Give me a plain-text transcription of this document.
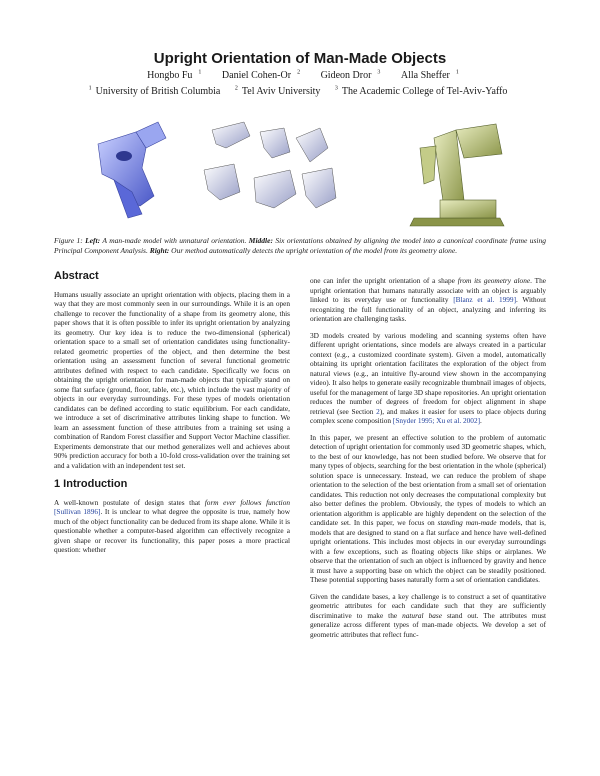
Upright Orientation of Man-Made Objects
Hongbo Fu $^1$ Daniel Cohen-Or $^2$ Gideon Dror $^3$ Alla Sheffer $^1$
$^1$ University of British Columbia $^2$ Tel Aviv University $^3$ The Academic College of Tel-Aviv-Yaffo
Figure 1: Left: A man-made model with unnatural orientation. Middle: Six orientations obtained by aligning the model into a canonical coordinate frame using Principal Component Analysis. Right: Our method automatically detects the upright orientation of the model from its geometry alone.
Abstract

Humans usually associate an upright orientation with objects, placing them in a way that they are most commonly seen in our surroundings. While it is an open challenge to recover the functionality of a shape from its geometry alone, this paper shows that it is often possible to infer its upright orientation by analyzing its geometry. Our key idea is to reduce the two-dimensional (spherical) orientation space to a small set of orientation candidates using functionality-related geometric properties of the object, and then determine the best orientation using an assessment function of several functional geometric attributes defined with respect to each candidate. Specifically we focus on obtaining the upright orientation for man-made objects that typically stand on some flat surface (ground, floor, table, etc.), which include the vast majority of objects in our everyday surroundings. For these types of models orientation candidates can be defined according to static equilibrium. For each candidate, we introduce a set of discriminative attributes linking shape to function. We learn an assessment function of these attributes from a training set using a combination of Random Forest classifier and Support Vector Machine classifier. Experiments demonstrate that our method generalizes well and achieves about 90% prediction accuracy for both a 10-fold cross-validation over the training set and a validation with an independent test set.

1 Introduction

A well-known postulate of design states that form ever follows function [Sullivan 1896]. It is unclear to what degree the opposite is true, namely how much of the object functionality can be deduced from its shape alone. While it is questionable whether a computer-based algorithm can effectively recognize a given shape or recover its functionality, this paper poses a more practical question: whether

one can infer the upright orientation of a shape from its geometry alone. The upright orientation that humans naturally associate with an object is arguably linked to its everyday use or functionality [Blanz et al. 1999]. Without recognizing the full functionality of an object, analyzing and inferring its orientation are challenging tasks.

3D models created by various modeling and scanning systems often have different upright orientations, since models are always created in a particular context (e.g., a customized coordinate system). Given a model, automatically obtaining its upright orientation facilitates the exploration of the object from natural views (e.g., an intuitive fly-around view shown in the accompanying video). It also helps to generate easily recognizable thumbnail images of objects, useful for the management of large 3D shape repositories. An upright orientation reduces the number of degrees of freedom for object alignment in shape retrieval (see Section 2), and makes it easier for users to place objects during complex scene composition [Snyder 1995; Xu et al. 2002].

In this paper, we present an effective solution to the problem of automatic detection of upright orientation for commonly used 3D geometric shapes, which, to the best of our knowledge, has not been studied before. We observe that for many types of objects, searching for the best orientation in the whole (spherical) solution space is unnecessary. Instead, we can reduce the problem of shape orientation to the selection of the best orientation from a small set of orientation candidates. This reduction not only decreases the computational complexity but also better defines the problem. Obviously, the types of models to which an orientation algorithm is applicable are highly dependent on the selection of the candidate set. In this paper, we focus on standing man-made models, that is, models that are designed to stand on a flat surface and hence have well-defined upright orientations. This includes most objects in our everyday surroundings with a few exceptions, such as floating objects like ships or airplanes. We observe that the orientation of such an object is influenced by gravity and hence it must have a supporting base on which the object can be steadily positioned. These potential supporting bases naturally form a set of orientation candidates.

Given the candidate bases, a key challenge is to construct a set of quantitative geometric attributes for each candidate such that they are sufficiently discriminative to make the natural base stand out. The attributes must generalize across different types of man-made objects. We develop a set of geometric attributes that reflect func-
